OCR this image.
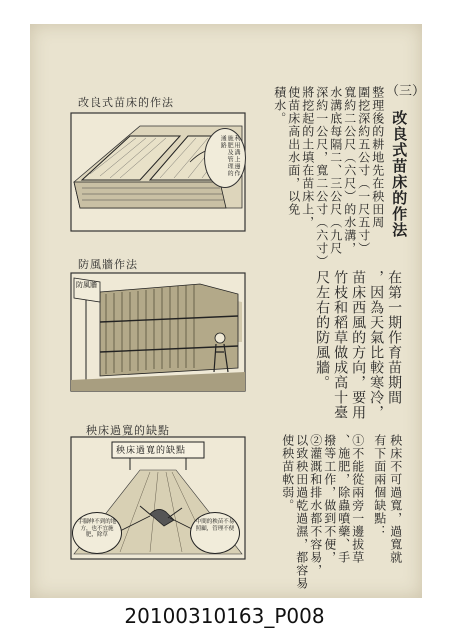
（三）
改良式苗床的作法
整理後的耕地先在秧田周
圍挖深約五公寸（一尺五寸）
寬約二公尺（六尺）的水溝，
水溝底每隔二、三公尺（九尺
深約一公尺，寬二公寸（六寸）
將挖起的土填在苗床上，
使苗床高出水面，以免
積水。
改良式苗床的作法
利用溝上邊作施肥及管理的通路
在第一期作育苗期間
，因為天氣比較寒冷，
苗床西風的方向，要用
竹枝和稻草做成高十臺
尺左右的防風牆。
防風牆作法
防風牆
秧床不可過寬，過寬就
有下面兩個缺點：
①不能從兩旁一邊拔草
、施肥，除蟲噴藥、手
撥等工作，做到不便，
②灌溉和排水都不容易，
以致秧田過乾過濕，都容易
使秧苗軟弱。
秧床過寬的缺點
秧床過寬的缺點
手腳伸不到的地方，也不宜施肥，除草
中間的秧苗不易照顧，管理不便
20100310163_P008
